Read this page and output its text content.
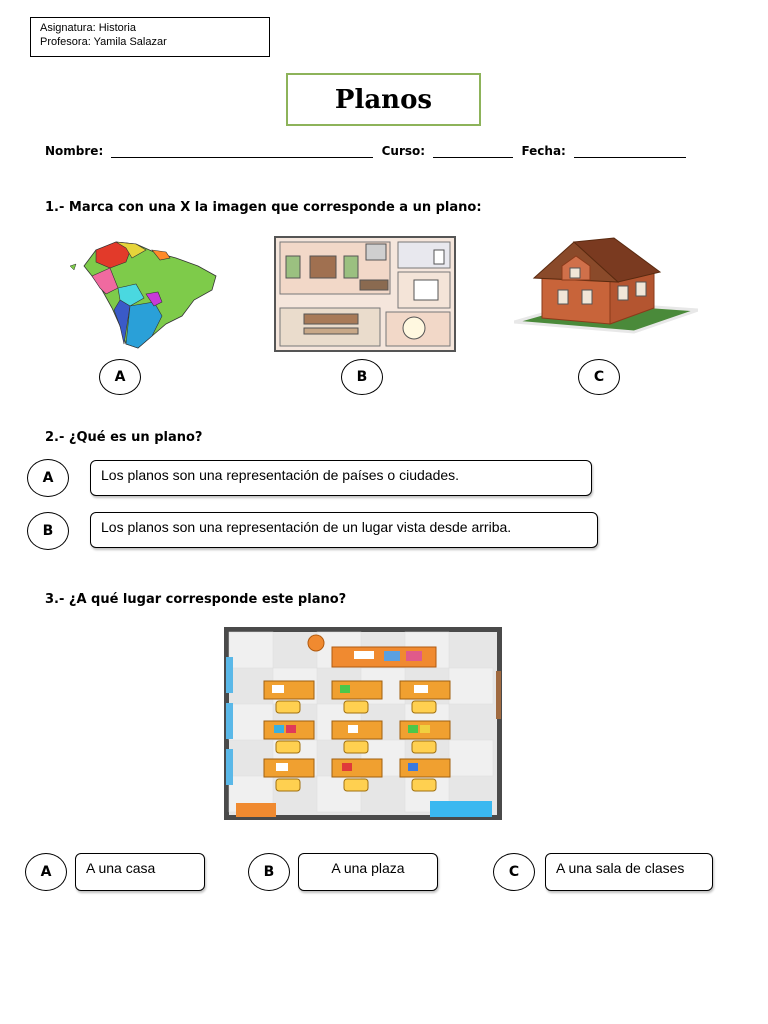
Asignatura: Historia
Profesora: Yamila Salazar
Planos
Nombre:	Curso:	Fecha:
1.- Marca con una X la imagen que corresponde a un plano:
A	B	C
2.- ¿Qué es un plano?
A	Los planos son una representación de países o ciudades.
B	Los planos son una representación de un lugar vista desde arriba.
3.- ¿A qué lugar corresponde este plano?
A	A una casa	B	A una plaza	C	A una sala de clases
